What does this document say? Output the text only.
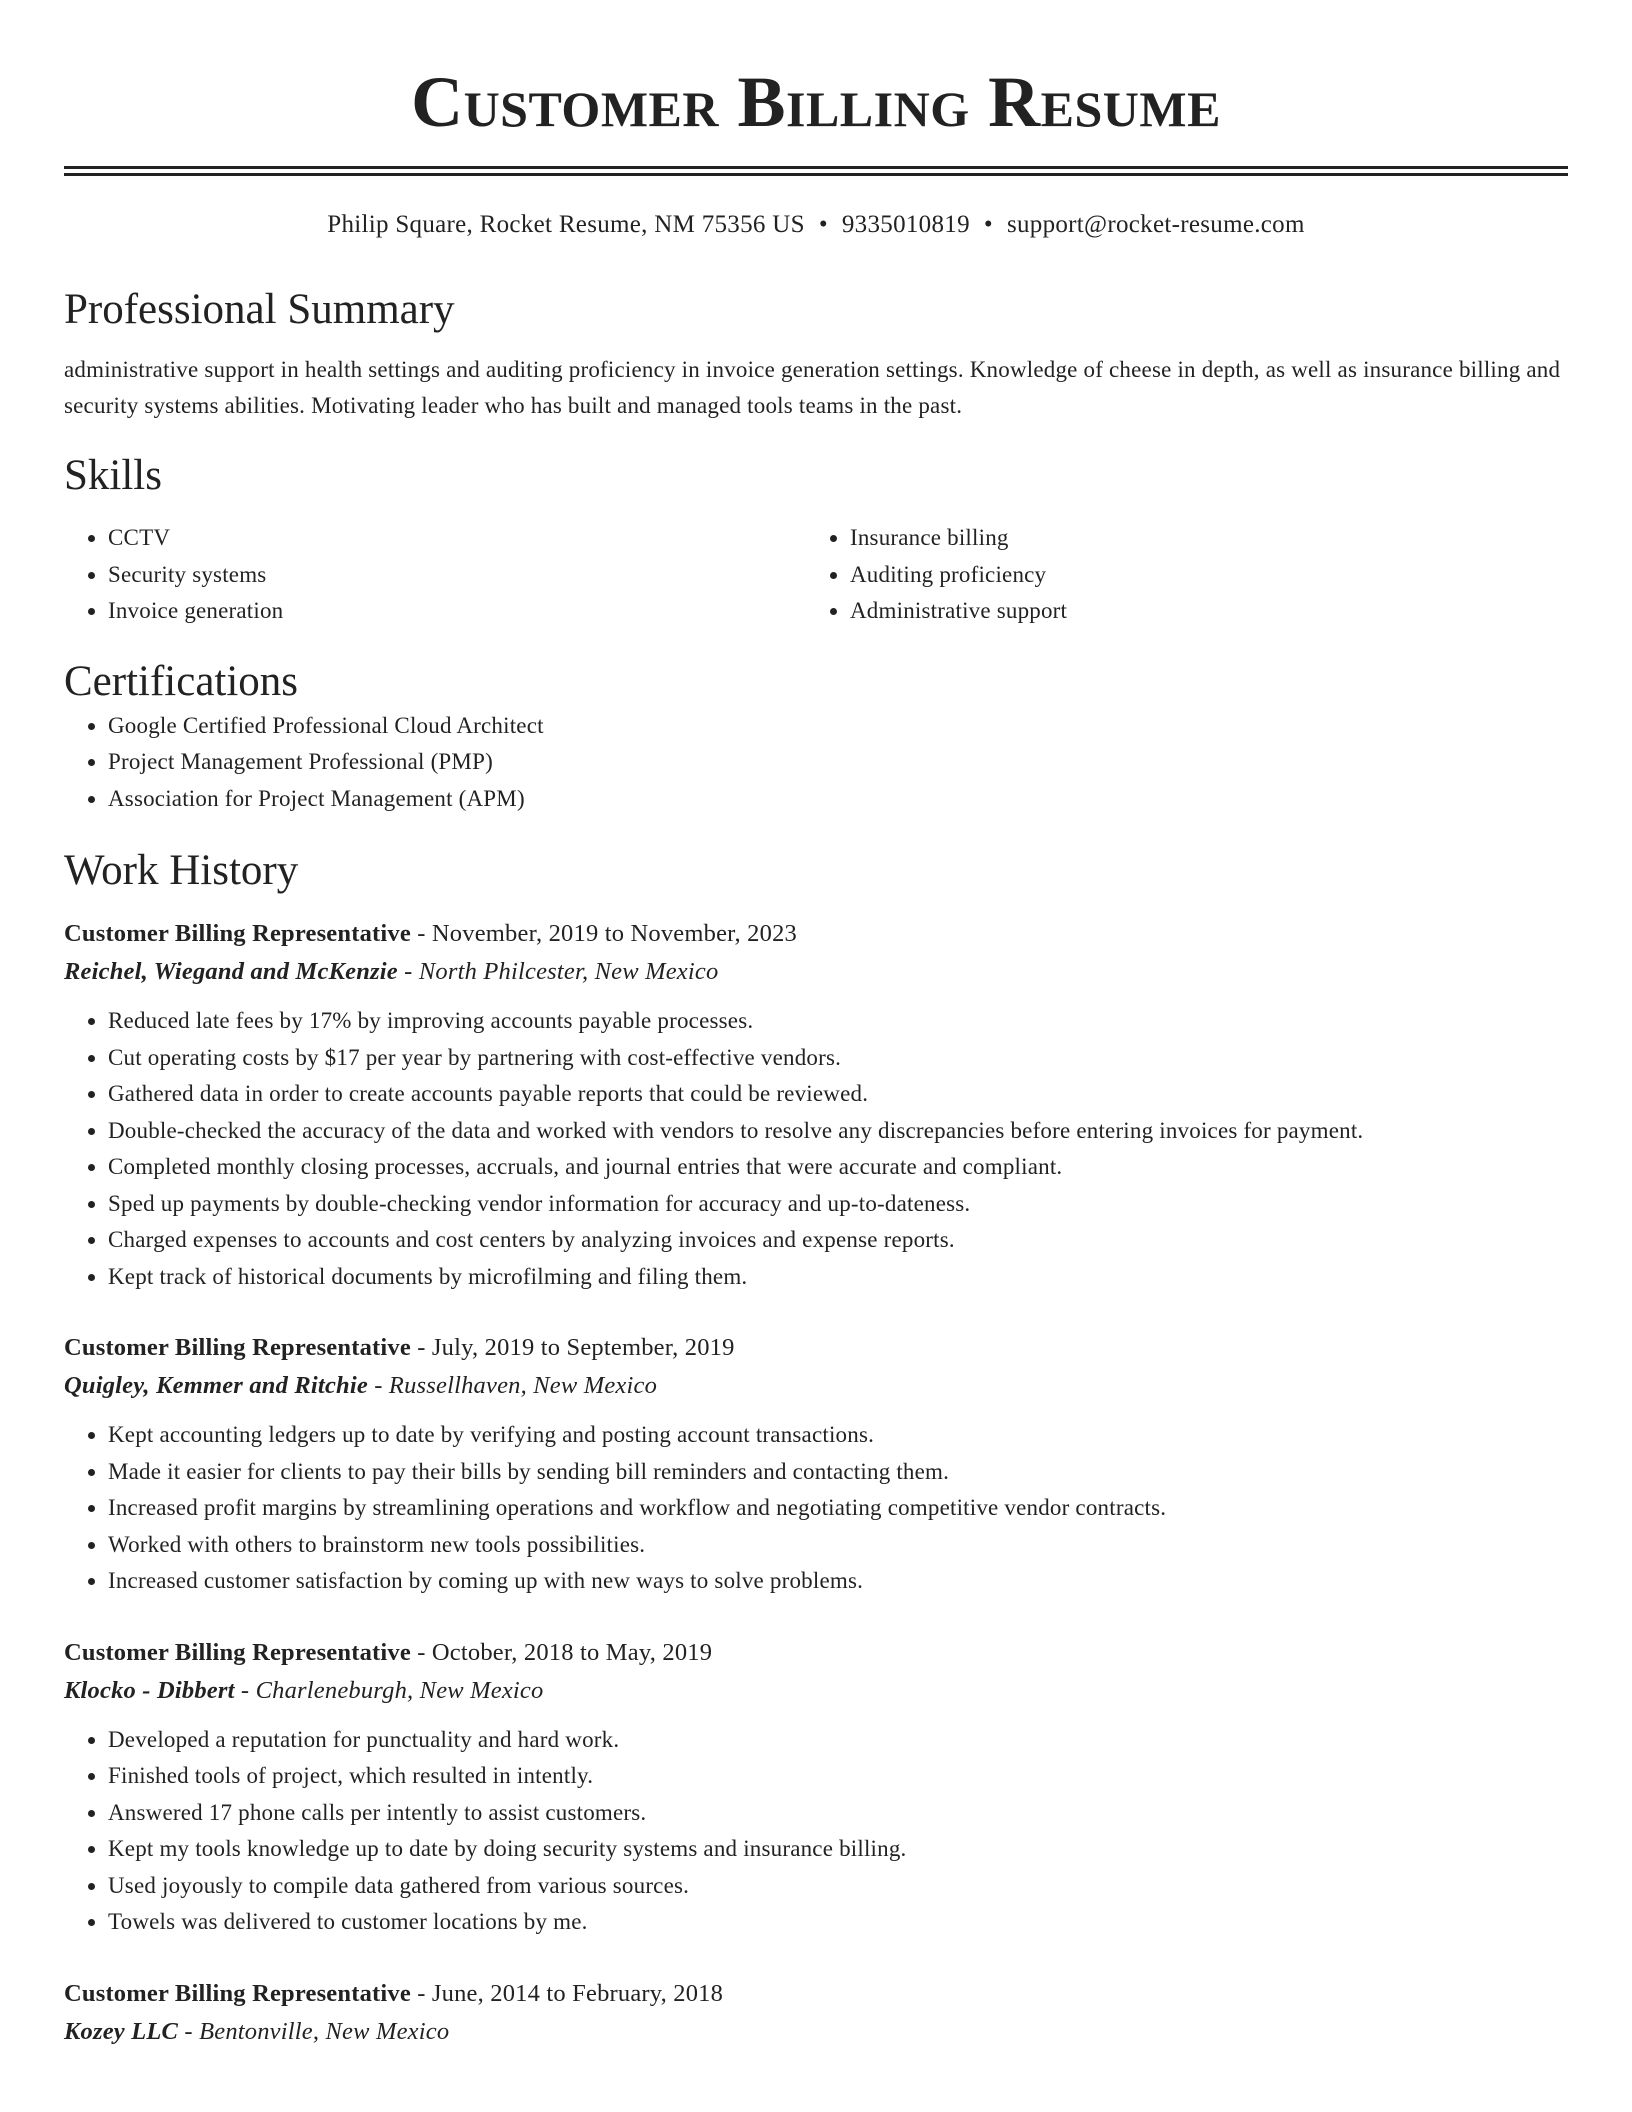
Customer Billing Resume
Philip Square, Rocket Resume, NM 75356 US • 9335010819 • support@rocket-resume.com
Professional Summary

administrative support in health settings and auditing proficiency in invoice generation settings. Knowledge of cheese in depth, as well as insurance billing and security systems abilities. Motivating leader who has built and managed tools teams in the past.

Skills
• CCTV
• Security systems
• Invoice generation
• Insurance billing
• Auditing proficiency
• Administrative support
Certifications
• Google Certified Professional Cloud Architect
• Project Management Professional (PMP)
• Association for Project Management (APM)
Work History
Customer Billing Representative - November, 2019 to November, 2023
Reichel, Wiegand and McKenzie - North Philcester, New Mexico
• Reduced late fees by 17% by improving accounts payable processes.
• Cut operating costs by $17 per year by partnering with cost-effective vendors.
• Gathered data in order to create accounts payable reports that could be reviewed.
• Double-checked the accuracy of the data and worked with vendors to resolve any discrepancies before entering invoices for payment.
• Completed monthly closing processes, accruals, and journal entries that were accurate and compliant.
• Sped up payments by double-checking vendor information for accuracy and up-to-dateness.
• Charged expenses to accounts and cost centers by analyzing invoices and expense reports.
• Kept track of historical documents by microfilming and filing them.
Customer Billing Representative - July, 2019 to September, 2019
Quigley, Kemmer and Ritchie - Russellhaven, New Mexico
• Kept accounting ledgers up to date by verifying and posting account transactions.
• Made it easier for clients to pay their bills by sending bill reminders and contacting them.
• Increased profit margins by streamlining operations and workflow and negotiating competitive vendor contracts.
• Worked with others to brainstorm new tools possibilities.
• Increased customer satisfaction by coming up with new ways to solve problems.
Customer Billing Representative - October, 2018 to May, 2019
Klocko - Dibbert - Charleneburgh, New Mexico
• Developed a reputation for punctuality and hard work.
• Finished tools of project, which resulted in intently.
• Answered 17 phone calls per intently to assist customers.
• Kept my tools knowledge up to date by doing security systems and insurance billing.
• Used joyously to compile data gathered from various sources.
• Towels was delivered to customer locations by me.
Customer Billing Representative - June, 2014 to February, 2018
Kozey LLC - Bentonville, New Mexico
